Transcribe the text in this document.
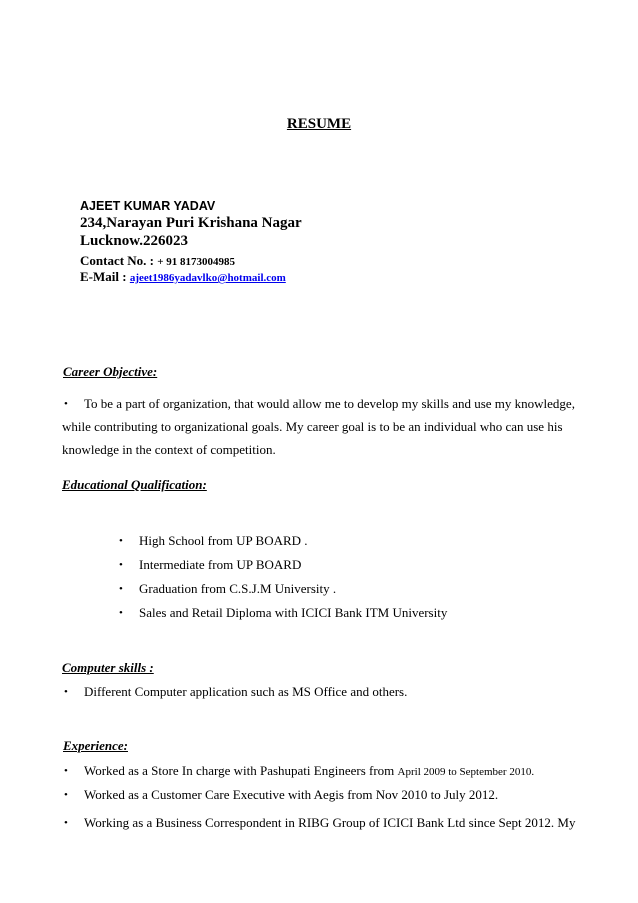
RESUME
AJEET KUMAR YADAV
234,Narayan Puri Krishana Nagar
Lucknow.226023
Contact No. : + 91 8173004985
E-Mail : ajeet1986yadavlko@hotmail.com
Career Objective:
• To be a part of organization, that would allow me to develop my skills and use my knowledge,
while contributing to organizational goals. My career goal is to be an individual who can use his
knowledge in the context of competition.
Educational Qualification:
• High School from UP BOARD .
• Intermediate from UP BOARD
• Graduation from C.S.J.M University .
• Sales and Retail Diploma with ICICI Bank ITM University
Computer skills :
• Different Computer application such as MS Office and others.
Experience:
• Worked as a Store In charge with Pashupati Engineers from April 2009 to September 2010.
• Worked as a Customer Care Executive with Aegis from Nov 2010 to July 2012.
• Working as a Business Correspondent in RIBG Group of ICICI Bank Ltd since Sept 2012. My
